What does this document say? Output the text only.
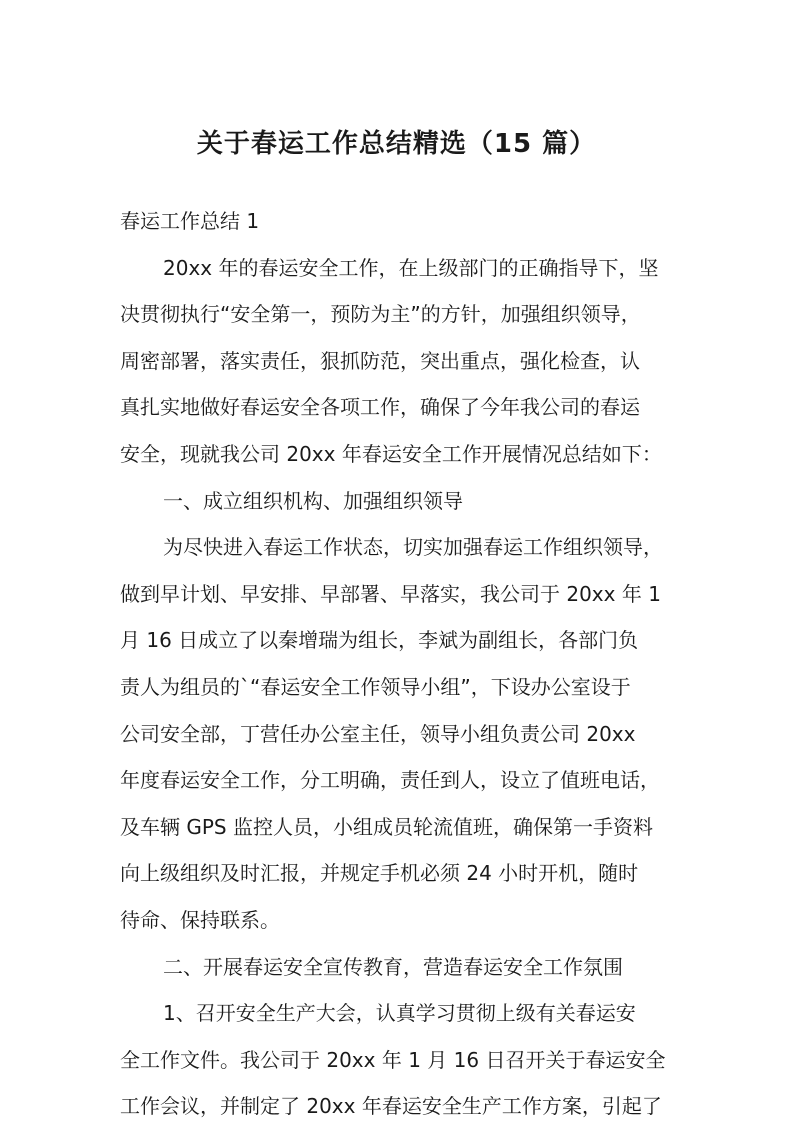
关于春运工作总结精选（15 篇）

春运工作总结 1

20xx 年的春运安全工作，在上级部门的正确指导下，坚

决贯彻执行“安全第一，预防为主”的方针，加强组织领导，

周密部署，落实责任，狠抓防范，突出重点，强化检查，认

真扎实地做好春运安全各项工作，确保了今年我公司的春运

安全，现就我公司 20xx 年春运安全工作开展情况总结如下：

一、成立组织机构、加强组织领导

为尽快进入春运工作状态，切实加强春运工作组织领导，

做到早计划、早安排、早部署、早落实，我公司于 20xx 年 1

月 16 日成立了以秦增瑞为组长，李斌为副组长，各部门负

责人为组员的`“春运安全工作领导小组”，下设办公室设于

公司安全部，丁营任办公室主任，领导小组负责公司 20xx

年度春运安全工作，分工明确，责任到人，设立了值班电话，

及车辆 GPS 监控人员，小组成员轮流值班，确保第一手资料

向上级组织及时汇报，并规定手机必须 24 小时开机，随时

待命、保持联系。

二、开展春运安全宣传教育，营造春运安全工作氛围

1、召开安全生产大会，认真学习贯彻上级有关春运安

全工作文件。我公司于 20xx 年 1 月 16 日召开关于春运安全

工作会议，并制定了 20xx 年春运安全生产工作方案，引起了
